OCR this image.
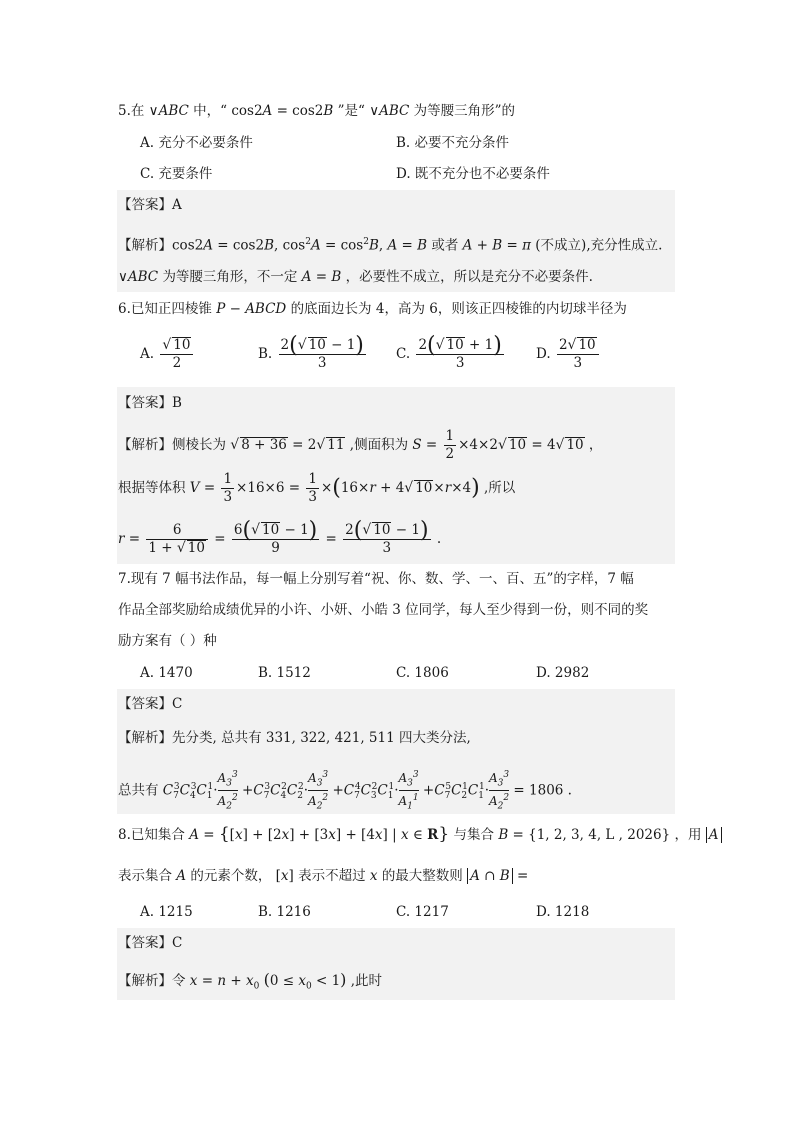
5.在 ∨ABC 中，“ cos2A = cos2B ”是“ ∨ABC 为等腰三角形”的
A. 充分不必要条件	B. 必要不充分条件
C. 充要条件	D. 既不充分也不必要条件
【答案】A
【解析】cos2A = cos2B, $\cos^2A = \cos^2B$, A = B 或者 A + B = π (不成立),充分性成立.
∨ABC 为等腰三角形，不一定 A = B ，必要性不成立，所以是充分不必要条件.
6.已知正四棱锥 P − ABCD 的底面边长为 4，高为 6，则该正四棱锥的内切球半径为
A. $\frac{√ 10}{2}$	B. $\frac{2(√ 10 - 1)}{3} C$. $\frac{2(√ 10 + 1)}{3} D$. $\frac{2√ 10}{3}$
【答案】B
【解析】侧棱长为 √ 8 + 36 = 2√ 11 ,侧面积为 $S = \frac{1}{2} \times 4\times 2√$ 10 = 4√ 10 ，
根据等体积 $V = \frac{1}{3} \times 16\times 6 = \frac{1}{3} \times(16\times r + 4√$ 10×r×4) ,所以
$r = \frac{6}{1 + √ 10} = \frac{6(√ 10 - 1)}{9} = \frac{2(√ 10 - 1)}{3}$ .
7.现有 7 幅书法作品，每一幅上分别写着“祝、你、数、学、一、百、五”的字样，7 幅
作品全部奖励给成绩优异的小许、小妍、小皓 3 位同学，每人至少得到一份，则不同的奖
励方案有（ ）种
A. 1470	B. 1512	C. 1806	D. 2982
【答案】C
【解析】先分类, 总共有 331, 322, 421, 511 四大类分法,
总共有 $C_7^3C_4^3C_1^1\cdot \frac{A_3^3}{A_2^2} +C_7^3C_4^2C_2^2\cdot \frac{A_3^3}{A_2^2} +C_7^4C_3^2C_1^1\cdot \frac{A_3^3}{A_1^1} +C_7^5C_2^1C_1^1\cdot \frac{A_3^3}{A_2^2} = 1806$ .
8.已知集合 A = {[x] + [2x] + [3x] + [4x] | x ∈ R} 与集合 B = {1, 2, 3, 4, L , 2026} ，用 A
表示集合 A 的元素个数， [x] 表示不超过 x 的最大整数则 A ∩ B =
A. 1215	B. 1216	C. 1217	D. 1218
【答案】C
【解析】令 $x = n + x_0$ $(0 \le x_0 < 1)$ ,此时
